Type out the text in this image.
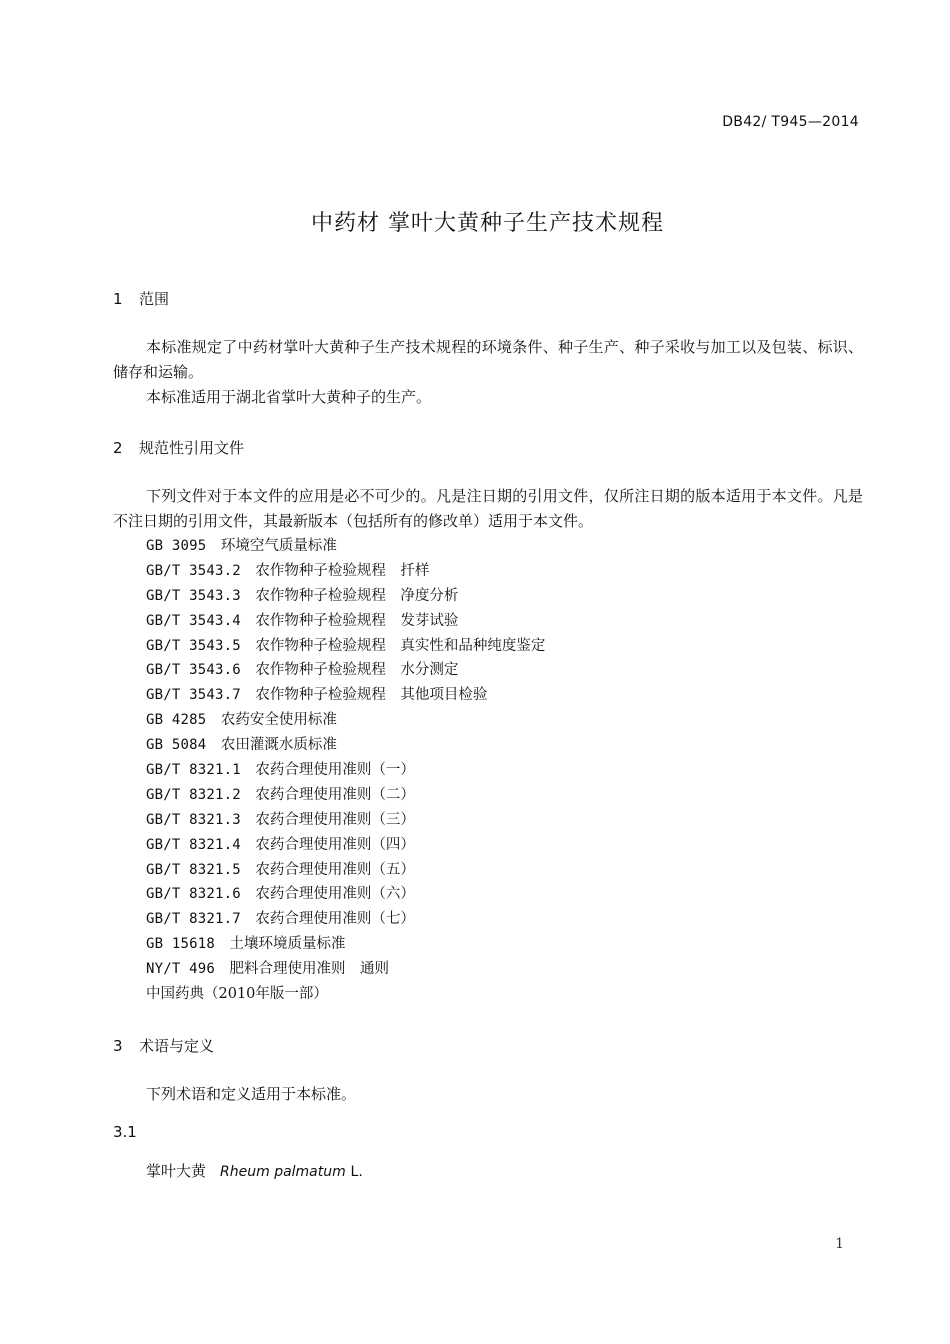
DB42/ T945—2014
中药材 掌叶大黄种子生产技术规程
1 范围

本标准规定了中药材掌叶大黄种子生产技术规程的环境条件、种子生产、种子采收与加工以及包装、标识、储存和运输。

本标准适用于湖北省掌叶大黄种子的生产。

2 规范性引用文件

下列文件对于本文件的应用是必不可少的。凡是注日期的引用文件，仅所注日期的版本适用于本文件。凡是不注日期的引用文件，其最新版本（包括所有的修改单）适用于本文件。

GB 3095　 环境空气质量标准
GB/T 3543.2　 农作物种子检验规程　扦样
GB/T 3543.3　 农作物种子检验规程　净度分析
GB/T 3543.4　 农作物种子检验规程　发芽试验
GB/T 3543.5　 农作物种子检验规程　真实性和品种纯度鉴定
GB/T 3543.6　 农作物种子检验规程　水分测定
GB/T 3543.7　 农作物种子检验规程　其他项目检验
GB 4285　 农药安全使用标准
GB 5084　 农田灌溉水质标准
GB/T 8321.1　 农药合理使用准则（一）
GB/T 8321.2　 农药合理使用准则（二）
GB/T 8321.3　 农药合理使用准则（三）
GB/T 8321.4　 农药合理使用准则（四）
GB/T 8321.5　 农药合理使用准则（五）
GB/T 8321.6　 农药合理使用准则（六）
GB/T 8321.7　 农药合理使用准则（七）
GB 15618　 土壤环境质量标准
NY/T 496　 肥料合理使用准则　通则
中国药典（2010年版一部）
3 术语与定义

下列术语和定义适用于本标准。

3.1
掌叶大黄 Rheum palmatum L.
1
